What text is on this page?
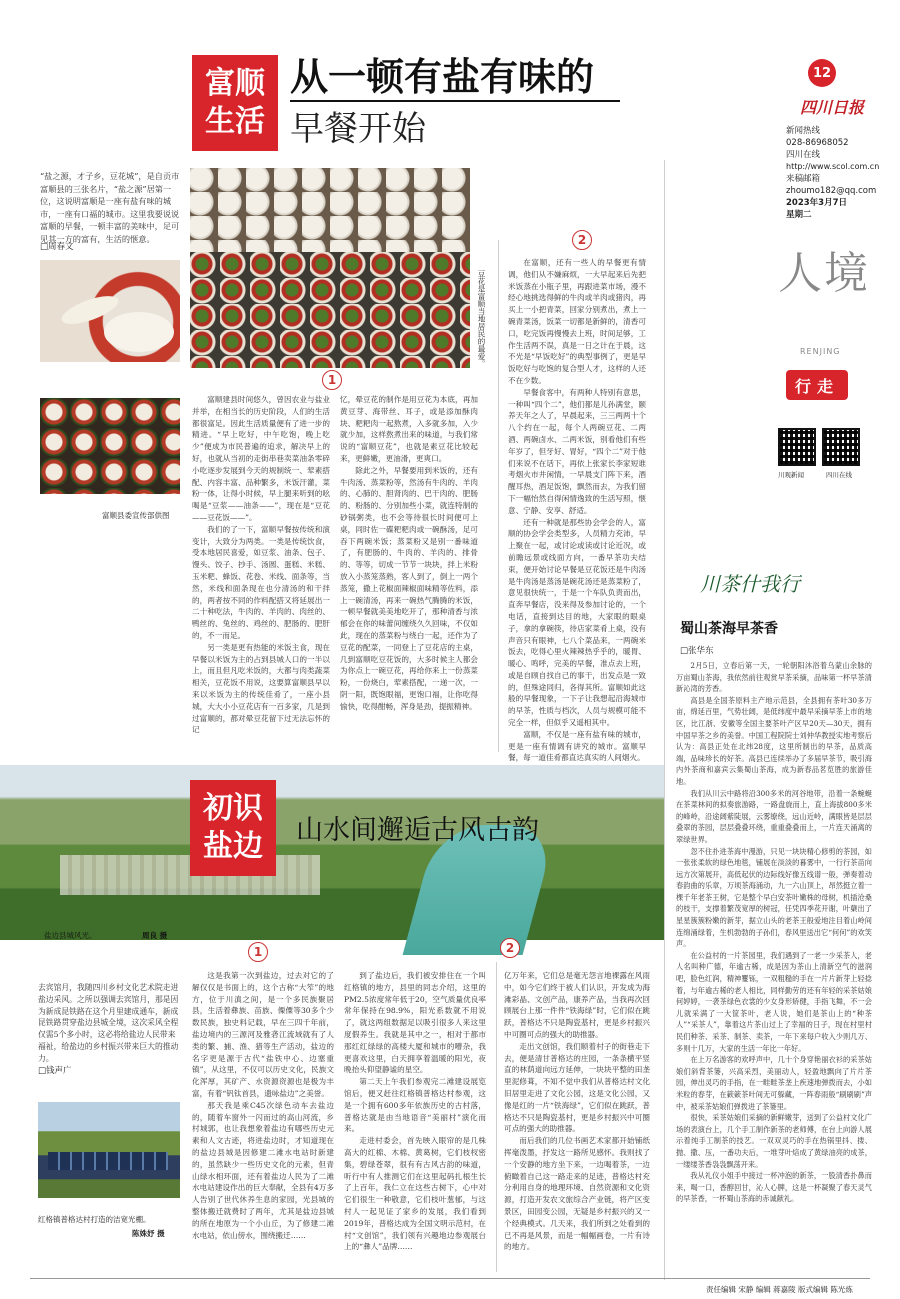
富顺
生活
从一顿有盐有味的
早餐开始
12
四川日报
新闻热线
028-86968052
四川在线
http://www.scol.com.cn
来稿邮箱
zhoumo182@qq.com
2023年3月7日
星期二
人境
RENJING
行走
川观新闻	四川在线
“盐之源，才子乡，豆花城”，是自贡市富顺县的三张名片，“盐之源”居第一位，这说明富顺是一座有盐有味的城市，一座有口福的城市。这里我要说说富顺的早餐，一顿丰富的美味中，足可见其一方的富有，生活的惬意。
□周春文
豆花是富顺当地居民的最爱。
1
2
富顺县委宣传部供图

富顺建县时间悠久，曾因农业与盐业并举，在相当长的历史阶段，人们的生活都很富足。因此生活质量便有了进一步的精进。“早上吃好，中午吃饱，晚上吃少”便成为市民普遍的追求，解决早上的好，也就从当初的走街串巷卖菜油条零碎小吃逐步发展到今天的规制统一、荤素搭配、内容丰富、品种繁多，米饭汗灌，菜粉一体，让得小时候，早上腿来听到的吆喝是“豆浆——油条——”，现在是“豆花——豆花饭——”。

我们的了一下，富顺早餐按传统和演变计，大致分为两类。一类是传统饮食，受本地居民喜爱，如豆浆、油条、包子、馒头、饺子、抄手、汤圆、蛋糕、米糕、玉米粑、蜂饭、花卷、米线、面条等，当然，米线和面条现在也分清汤的和干拌的，两者按不同的作料配搭又将延展出一二十种吃法，牛肉的、羊肉的、肉丝的、鸭丝的、兔丝的、鸡丝的、肥肠的、肥肝的，不一而足。

另一类是更有热能的米饭主食，现在早餐以米饭为主的占到县城人口的一半以上，而且但凡吃米饭的，大都与肉类蔬菜相关，豆花饭不用说，这要算富顺县早以来以米饭为主的传统佳肴了，一座小县城，大大小小豆花店有一百多家，几是到过富顺的，都对晕豆花留下过无法忘怀的记

忆，晕豆花的制作是用豆花为本底，再加黄豆芽、海带丝、耳子，或是添加酥肉块、粑粑肉一起熬煮，入多就多加，入少就少加，这样熬煮出来的味道，与我们常说的“富顺豆花”，也就是素豆花比较起来，更鲜嫩，更油滑，更爽口。

除此之外，早餐要用到米饭的，还有牛肉汤、蒸菜粉等，然汤有牛肉的、羊肉的、心肺的、胆肾肉的、巴干肉的、肥肠的、粉肠的、分别加些小菜，就连特制的砂锅粥类，也不会等待很长时间便可上桌，同时佐一碟粑粑肉或一碗酥汤，足可吞下两碗米饭；蒸菜粉又是别一番味道了，有肥肠的、牛肉的、羊肉的、排骨的、等等，切成一节节一块块，拌上米粉放入小蒸笼蒸熟，客人到了，倒上一两个蒸笼，撒上花椒面辣椒面味精等佐料，添上一碗清汤，再来一碗热气腾腾的米饭，一顿早餐就美美地吃开了，那种清香与浓郁会在你的味蕾间缠绕久久回味，不仅如此，现在的蒸菜粉与绕白一起，还作为了豆花的配菜，一同登上了豆花店的主桌，几到富顺吃豆花饭的，大多时候主人都会为你点上一碗豆花，再给你来上一份蒸菜粉，一份烧白，荤素搭配，一递一次，一阴一阳，既饱眼福，更饱口福，让你吃得愉快，吃得酣畅，浑身是劲，提振精神。

在富顺，还有一些人的早餐更有情调，他们从不嫌麻烦，一大早起来后先把米饭蒸在小瓶子里，再跟进菜市场，漫不经心地挑选得鲜的牛肉或羊肉或猪肉，再买上一小把青菜，回家分别煮出，煮上一碗青菜汤，饭菜一切都是新鲜的，清香可口，吃完饭再慢慢去上班，时间足够，工作生活两不误，真是一日之计在于晨，这不光是“早饭吃好”的典型事例了，更是早饭吃好与吃饱的复合型人才，这样的人还不在少数。

早餐食客中，有两种人特别有意思，一种叫“四个二”，他们都是儿孙满堂，颐养天年之人了，早晨起来，三三两两十个八个约在一起，每个人两碗豆花、二两酒、两碗卤水、二两米饭，别看他们有些年岁了，但牙好、胃好，“四个二”对于他们来说不在话下，再依上张家长李家短谁考烟火市井闲情，一早晨支门阵下来，酒醒耳热，酒足饭饱，飘然而去，为我们留下一幅怡然自得闲情逸致的生活写照，惬意、宁静、安享、舒适。

还有一种就是那些协会学会的人，富顺的协会学会类型多，人员精力充沛，早上聚在一起，或讨论或读或讨论近况，或前瞻远景或线面方向，一番早茶功夫结束，便开始讨论早餐是豆花饭还是牛肉汤是牛肉汤是蒸汤是碗花汤还是蒸菜粉了，意见很快统一，于是一个车队负责而出，直奔早餐店，没来得及参加讨论的，一个电话，直接到达目的地，大家眼的眼桌子，拿的拿碗筷，待店家菜肴上桌，没有声音只有眼神，七八个菜品来，一两碗米饭去，吃得心里火辣辣热乎乎的，暖胃、暖心、鸣呼，完美的早餐，准点去上班，或是自顾自找自己的事干，出发点是一致的，但殊途同归，各得其所。富顺如此这般的早餐现象，一下子让我想起沿海城市的早茶，性质与档次，人员与规模可能不完全一样，但似乎又遥相其中。

富顺，不仅是一座有盐有味的城市，更是一座有情调有讲究的城市。富顺早餐，每一道佳肴都直达真实的人间烟火。

川茶什我行
蜀山茶海早茶香
□张华东

2月5日，立春后第一天，一轮朝阳沐浴着乌蒙山余脉的万亩蜀山茶海，我依然前往观赏早茶采摘，品味第一杯早茶清新沁湾的芳香。

高县是全国茶原料主产地示范县，全县拥有茶叶30多万亩，绵延百里，气势壮阔，是低纬度中最早采摘早茶上市的地区，比江浙、安徽等全国主要茶叶产区早20天—30天，拥有中国早茶之乡的美誉。中国工程院院士刘仲华教授实地考察后认为：高县正处在北纬28度，这里所制出的早茶，品质高端，品味珍长的好茶。高县已连续举办了多届早茶节，吸引海内外茶商和嘉宾云集蜀山茶海，成为新春品茗览胜的旅游佳地。

我们从川云中路将沿300多米的河谷地带，沿着一条蜿蜒在茶菜林间的拟奏旅游路，一路盘旋而上，直上海拔800多米的峰岭，沿途阔紫陡展，云雾缭绕，远山近岭，满眼皆是层层叠翠的茶园，层层叠叠环绕，重重叠叠而上，一片连天涌离的翠绿世界。

忽不住扑进茶海中漫游，只见一块块精心修剪的茶园，如一张张柔软的绿色地毯，铺展在淡淡的暮雾中，一行行茶苗向远方次第展开，高低起伏的边际线好像五线谱一般，弹奏着动春韵曲的乐章，万顷茶海涌动，九一六山顶上，昂然挺立着一棵千年老茶王树，它是整个早白安茶叶嫩株的母树，机插沧桑的枝干，支撑着繁茂宽厚的树冠，任凭四季花开谢，叶蘖出了星星簇簇粉嫩的新芽，据立山头的老茶王般爱地注目着山岭间连绵涌绿着，生机勃勃的子孙们，春风里送出它“何何”的欢笑声。

在公益村的一片茶园里，我们遇到了一老一少采茶人，老人名叫种广德，年逾古稀，成是因为茶山上清新空气的滋润吧，脸色红润，精神矍铄，一双粗糙的手在一片片新芽上轻捻着，与年逾古稀的老人相比，同样勤劳的还有年轻的采茶姑娘何婷婷，一袭茶绿色衣裳的少女身形矫健，手指飞舞，不一会儿就采满了一大筐茶叶，老人说，她们是茶山上的“种茶人”“采茶人”，靠着这片茶山过上了幸福的日子，现在村里村民们种茶、采茶、制茶、卖茶，一年下来每户收入少则几万、多则十几万，大家的生活一年比一年好。

在上万名游客的欢呼声中，几十个身穿艳丽衣衫的采茶姑娘们斜背茶篓，兴高采烈，美丽动人，轻盈地飘向了片片茶园，伸出灵巧的手指，在一畦畦茶垄上疾速地弹拨而去，小如米粒的春芽，在簌簌茶叶间无可躲藏，一阵春雨般“刷刷刷”声中，被采茶姑娘们弹拨进了茶篓里。

很快，采茶姑娘们采摘的新鲜嫩芽，送到了公益村文化广场的表演台上，几个手工制作新茶的老师傅，在台上向游人展示着纯手工制茶的技艺。一双双灵巧的手在热锅里抖、搂、抛、撒、压，一番功夫后，一堆芽叶焙成了黄绿油亮的成茶，一缕缕茶香袅袅飘荡开来。

我从礼仪小姐手中接过一杯冲泡的新茶，一股清香扑鼻而来，喝一口，香醇回甘，沁人心脾，这是一杯凝聚了春天灵气的早茶香，一杯蜀山茶海的赤诚献礼。

初识
盐边 山水间邂逅古风古韵
盐边县城风光。	周良 摄
1	2
去宾馆月，我随四川乡村文化艺术院走进盐边采风。之所以强调去宾馆月，那是因为新成昆铁路在这个月里建成通车，新成昆铁路贯穿盐边县城全境，这次采风全程仅需5个多小时，这必将给盐边人民带来福祉，给盐边的乡村振兴带来巨大的推动力。
□钱声广
红格镇普格达村打造的洁宽光棚。
陈姝妤 摄

这是我第一次到盐边，过去对它的了解仅仅是书面上的，这个古称“大笮”的地方，位于川滇之间，是一个多民族聚居县，生活着彝族、苗族、傈僳等30多个少数民族，独史料记载，早在三四千年前，盐边境内的三源河及雅砻江流域就有了人类的繁、捕、渔、猎等生产活动，盐边的名字更是源于古代“盐铁中心、边塞重镇”，从这里，不仅可以历史文化，民族文化浑厚，其矿产、水资源资源也是极为丰富，有着“钒钛首县，遗咏盐边”之美誉。

那天我是乘C45次绿色动车去盐边的，随着车窗外一闪而过的高山河流，乡村城郭，也让我想象着盐边有哪些历史元素和人文古迹，将进盐边时，才知道现在的盐边县城是因修建二滩水电站时新建的，虽然缺少一些历史文化的元素，但青山绿水相环面，还有着盐边人民为了二滩水电站建设作出的巨大奉献，全县有4万多人告别了世代休养生息的家园，光县城的整体搬迁就费时了两年，尤其是盐边县城的所在地原为一个小山丘，为了修建二滩水电站，依山傍水，围绕搬迁……

到了盐边后，我们被安排住在一个叫红格镇的地方，县里的同志介绍，这里的PM2.5浓度常年低于20，空气质量优良率常年保持在98.9%，阳光系数就不用说了，就这两组数据足以吸引很多人来这里度假养生。我就是其中之一，相对于都市那红红绿绿的高楼大厦和城市的嘈杂，我更喜欢这里，白天拥享着温暖的阳光，夜晚抬头仰望静谧的星空。

第二天上午我们参观完二滩建设展览馆后，便又赶往红格镇普格达村参观，这是一个拥有600多年依族历史的古村落，普格达就是由当地语音“美丽村”演化而来。

走进村委会，首先映入眼帘的是几株高大的红棉、木棉、黄葛树，它们枝杈密集，碧绿苍翠，很有有古风古韵的味道，听行中有人推测它们在这里起码扎根生长了上百年，我仁立在这些古树下，心中对它们很生一种敬意，它们枝叶葱郁，与这村人一起见证了家乡的发展，我们看到2019年，普格达成为全国文明示范村，在村“文创馆”，我们领有兴趣地边参观展台上的“彝人”品牌……

亿万年来，它们总是毫无怨言地裸露在风雨中，如今它们终于被人们认识，开发成为海滩彩晶、文创产品，康养产品，当我再次回顾展台上那一件件“铁海绿”时，它们似在跳跃，普格达不只是陶瓷基村，更是乡村振兴中可圈可点的强大的助推器。

走出文创馆，我们顺着村子的街巷走下去，便是清甘普格达的庄园，一条条横平竖直的林荫道向远方延伸，一块块平整的田垄里泥修葺，不知不觉中我们从普格达村文化旧居里走进了文化公园，这是文化公园，又像是红的一片“铁海绿”，它们似在跳跃，普格达不只是陶瓷基村，更是乡村振兴中可圈可点的强大的助推器。

而后我们的几位书画艺术家都开始铺纸挥毫泼墨，抒发这一路所见感怀。我则找了一个安静的地方坐下来，一边喝着茶，一边俯瞰着自己这一路走来的足迹，普格达村充分利用自身的地理环境、自然资源和文化资源，打造开发农文旅综合产业链，将产区变景区，田园变公园，无疑是乡村振兴的又一个经典模式。几天来，我们所到之处看到的已不再是风景，而是一幅幅画卷，一片有诗的地方。

责任编辑 宋静 编辑 蒋嘉陵 版式编辑 陈光炼
